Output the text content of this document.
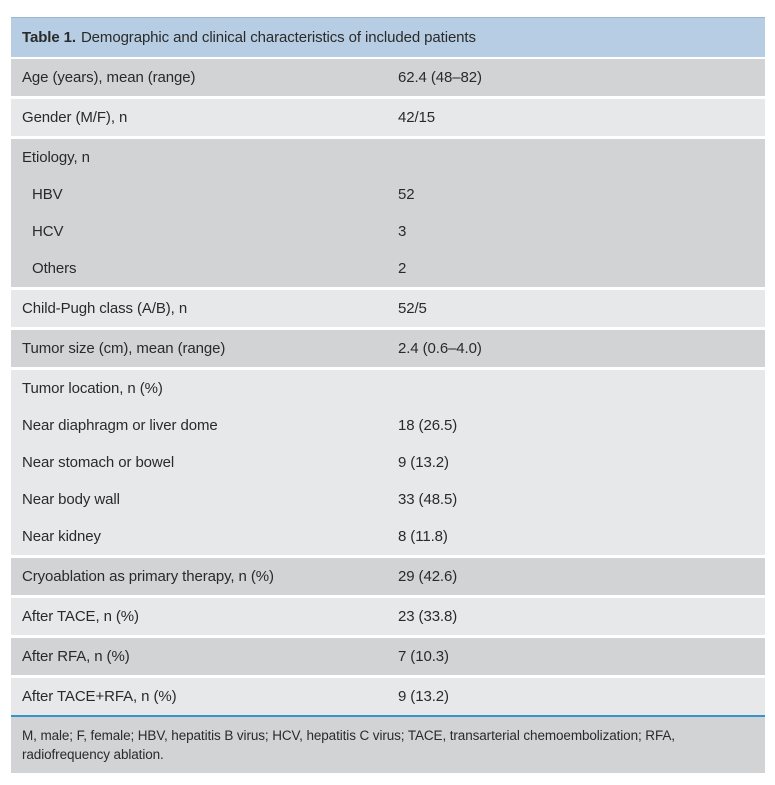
Table 1. Demographic and clinical characteristics of included patients
Age (years), mean (range)	62.4 (48–82)
Gender (M/F), n	42/15
Etiology, n
HBV	52
HCV	3
Others	2
Child-Pugh class (A/B), n	52/5
Tumor size (cm), mean (range)	2.4 (0.6–4.0)
Tumor location, n (%)
Near diaphragm or liver dome	18 (26.5)
Near stomach or bowel	9 (13.2)
Near body wall	33 (48.5)
Near kidney	8 (11.8)
Cryoablation as primary therapy, n (%)	29 (42.6)
After TACE, n (%)	23 (33.8)
After RFA, n (%)	7 (10.3)
After TACE+RFA, n (%)	9 (13.2)
M, male; F, female; HBV, hepatitis B virus; HCV, hepatitis C virus; TACE, transarterial chemoembolization; RFA,
radiofrequency ablation.
